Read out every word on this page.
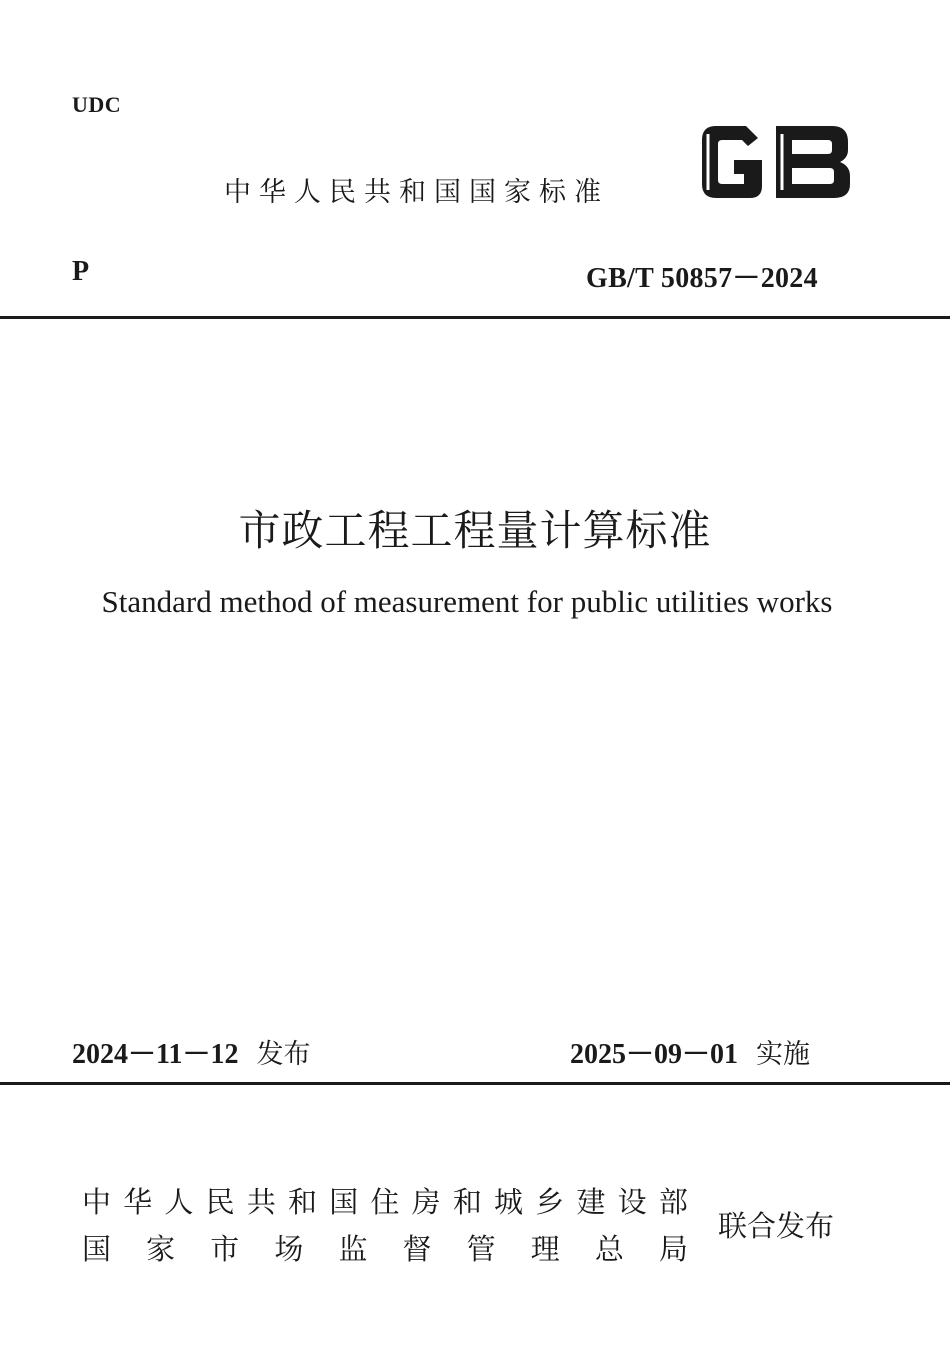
UDC
中华人民共和国国家标准
P	GB/T 50857－2024
市政工程工程量计算标准
Standard method of measurement for public utilities works
2024－11－12 发布	2025－09－01 实施
中 华 人 民 共 和 国 住 房 和 城 乡 建 设 部
国 家 市 场 监 督 管 理 总 局
联合发布
